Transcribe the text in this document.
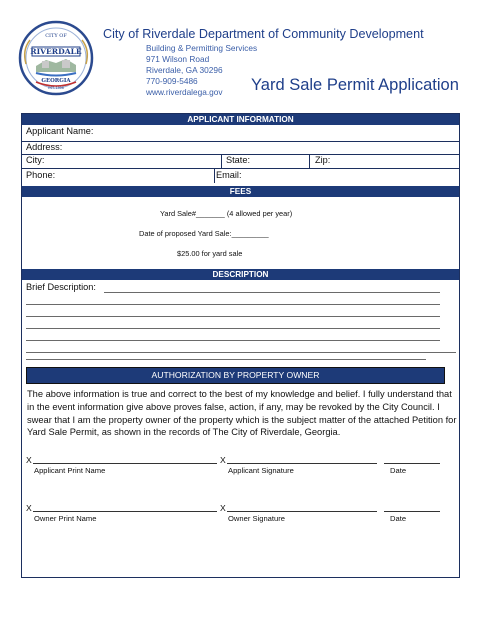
CITY OF
RIVERDALE
GEORGIA
EST. 1908
City of Riverdale Department of Community Development
Building & Permitting Services
971 Wilson Road
Riverdale, GA 30296
770-909-5486
www.riverdalega.gov Yard Sale Permit Application
APPLICANT INFORMATION
Applicant Name:
Address:
City:	State:	Zip:
Phone:	Email:
FEES
Yard Sale#_______ (4 allowed per year)
Date of proposed Yard Sale:_________
$25.00 for yard sale
DESCRIPTION
Brief Description:
AUTHORIZATION BY PROPERTY OWNER
The above information is true and correct to the best of my knowledge and belief. I fully understand that in the event information give above proves false, action, if any, may be revoked by the City Council. I swear that I am the property owner of the property which is the subject matter of the attached Petition for Yard Sale Permit, as shown in the records of The City of Riverdale, Georgia.
X	X
Applicant Print Name	Applicant Signature	Date
X	X
Owner Print Name	Owner Signature	Date
